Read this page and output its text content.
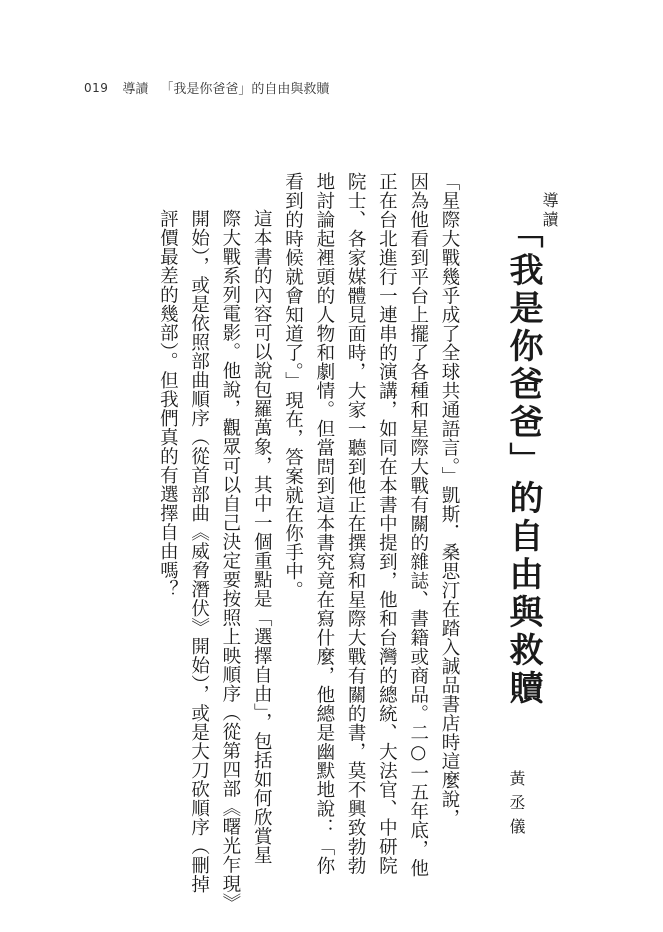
019 導讀 「我是你爸爸」的自由與救贖
導讀
「我是你爸爸」的自由與救贖
黃丞儀

「星際大戰幾乎成了全球共通語言。」凱斯．桑思汀在踏入誠品書店時這麼說，
因為他看到平台上擺了各種和星際大戰有關的雜誌、書籍或商品。二○一五年底，他
正在台北進行一連串的演講，如同在本書中提到，他和台灣的總統、大法官、中研院
院士、各家媒體見面時，大家一聽到他正在撰寫和星際大戰有關的書，莫不興致勃勃
地討論起裡頭的人物和劇情。但當問到這本書究竟在寫什麼，他總是幽默地說：「你
看到的時候就會知道了。」現在，答案就在你手中。

這本書的內容可以說包羅萬象，其中一個重點是「選擇自由」，包括如何欣賞星
際大戰系列電影。他說，觀眾可以自己決定要按照上映順序（從第四部《曙光乍現》
開始），或是依照部曲順序（從首部曲《威脅潛伏》開始），或是大刀砍順序（刪掉
評價最差的幾部）。但我們真的有選擇自由嗎？
